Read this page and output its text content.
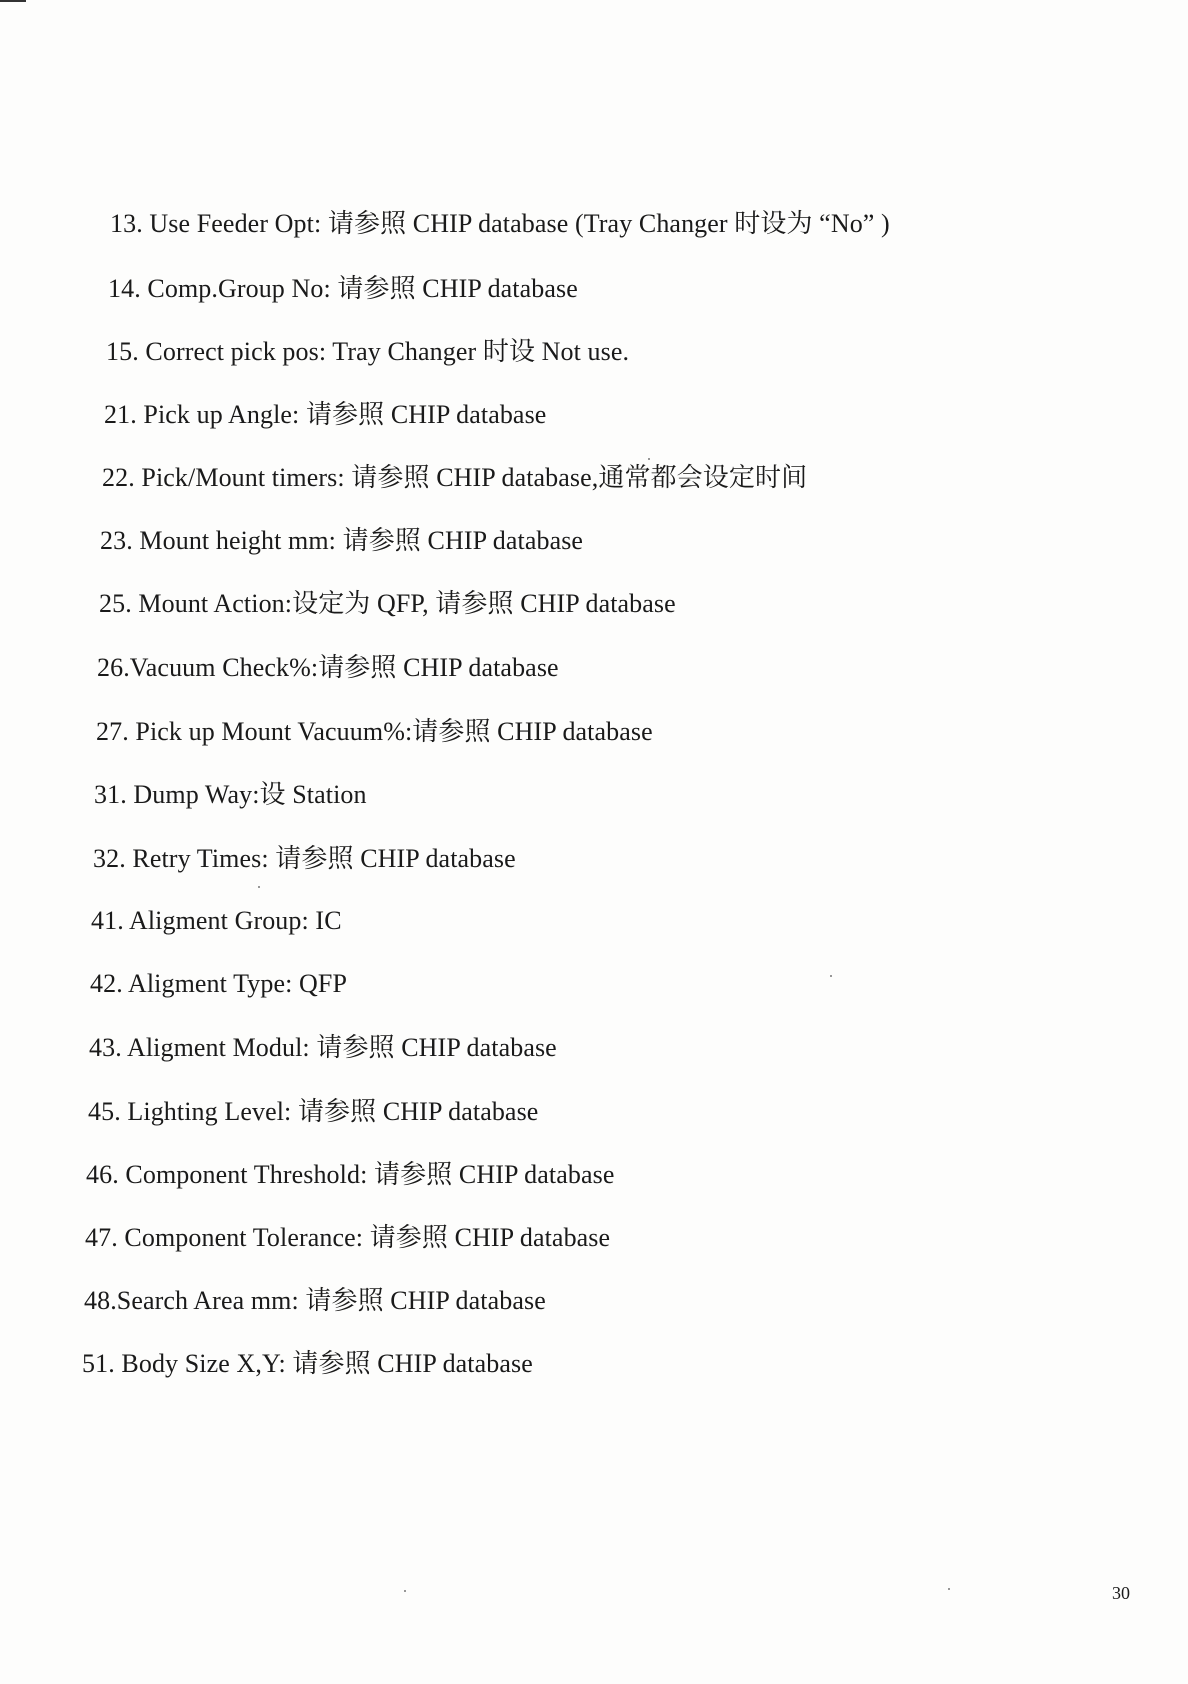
13. Use Feeder Opt: 请参照 CHIP database (Tray Changer 时设为 “No” )
14. Comp.Group No: 请参照 CHIP database
15. Correct pick pos: Tray Changer 时设 Not use.
21. Pick up Angle: 请参照 CHIP database
22. Pick/Mount timers: 请参照 CHIP database,通常都会设定时间
23. Mount height mm: 请参照 CHIP database
25. Mount Action:设定为 QFP, 请参照 CHIP database
26.Vacuum Check%:请参照 CHIP database
27. Pick up Mount Vacuum%:请参照 CHIP database
31. Dump Way:设 Station
32. Retry Times: 请参照 CHIP database
41. Aligment Group: IC
42. Aligment Type: QFP
43. Aligment Modul: 请参照 CHIP database
45. Lighting Level: 请参照 CHIP database
46. Component Threshold: 请参照 CHIP database
47. Component Tolerance: 请参照 CHIP database
48.Search Area mm: 请参照 CHIP database
51. Body Size X,Y: 请参照 CHIP database
30
